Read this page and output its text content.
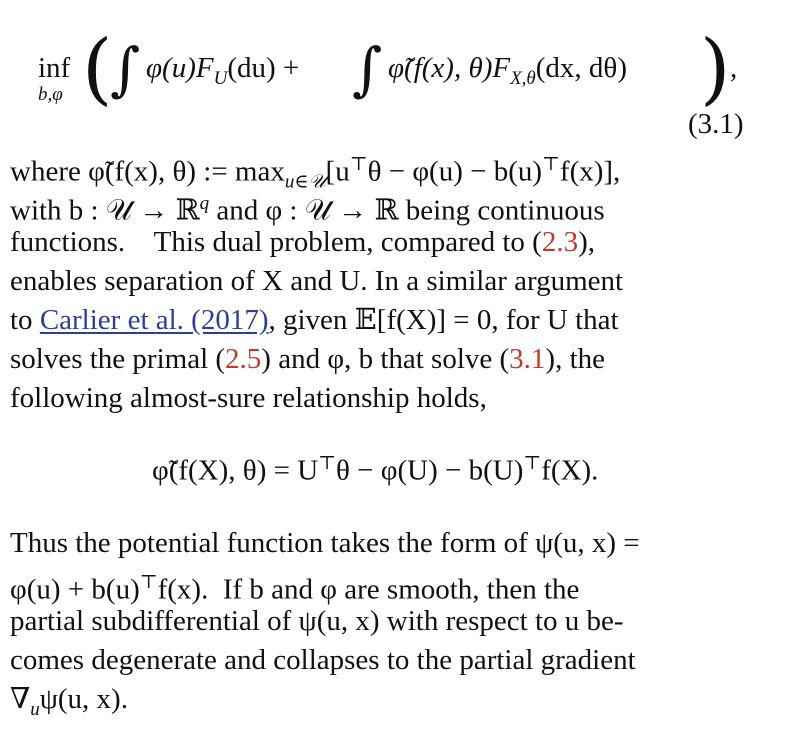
inf
b,φ (
∫ $\varphi(u)F_U(du)$ + ∫ φ̃(f(x), $\theta)F_{X,\theta}(dx$, dθ) ) ,
(3.1)
where φ̃(f(x), θ) := $\max_{u\in 𝒰}[u^⊤\theta - \varphi(u) - b(u)^⊤f(x)]$,
with b : 𝒰 → ℝ$^q$ and φ : 𝒰 → ℝ being continuous
functions.    This dual problem, compared to (2.3),
enables separation of X and U. In a similar argument
to Carlier et al. (2017), given 𝔼[f(X)] = 0, for U that
solves the primal (2.5) and φ, b that solve (3.1), the
following almost-sure relationship holds,
φ̃(f(X), θ) = U⊤θ − φ(U) − b(U)⊤f(X).
Thus the potential function takes the form of ψ(u, x) =
φ(u) + b(u)⊤f(x).  If b and φ are smooth, then the
partial subdifferential of ψ(u, x) with respect to u be-
comes degenerate and collapses to the partial gradient
$\nabla_u\psi(u$, x).
